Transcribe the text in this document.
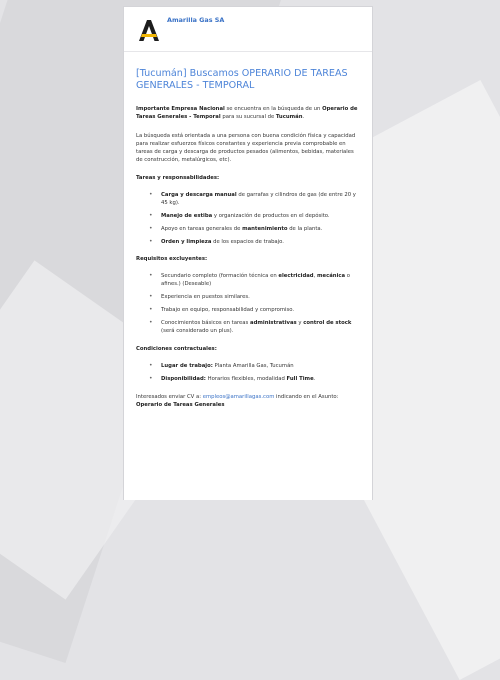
Amarilla Gas SA
[Tucumán] Buscamos OPERARIO DE TAREAS GENERALES - TEMPORAL

Importante Empresa Nacional se encuentra en la búsqueda de un Operario de Tareas Generales - Temporal para su sucursal de Tucumán.

La búsqueda está orientada a una persona con buena condición física y capacidad para realizar esfuerzos físicos constantes y experiencia previa comprobable en tareas de carga y descarga de productos pesados (alimentos, bebidas, materiales de construcción, metalúrgicos, etc).

Tareas y responsabilidades:
• Carga y descarga manual de garrafas y cilindros de gas (de entre 20 y 45 kg).
• Manejo de estiba y organización de productos en el depósito.
• Apoyo en tareas generales de mantenimiento de la planta.
• Orden y limpieza de los espacios de trabajo.
Requisitos excluyentes:
• Secundario completo (formación técnica en electricidad, mecánica o afines.) (Deseable)
• Experiencia en puestos similares.
• Trabajo en equipo, responsabilidad y compromiso.
• Conocimientos básicos en tareas administrativas y control de stock (será considerado un plus).
Condiciones contractuales:
• Lugar de trabajo: Planta Amarilla Gas, Tucumán
• Disponibilidad: Horarios flexibles, modalidad Full Time.

Interesados enviar CV a: empleos@amarillagas.com indicando en el Asunto: Operario de Tareas Generales
